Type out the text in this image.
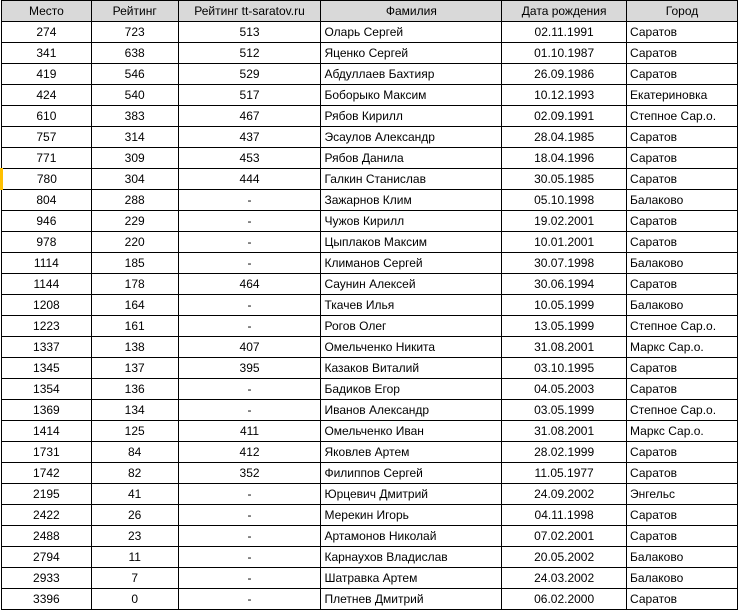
Место	Рейтинг	Рейтинг tt-saratov.ru	Фамилия	Дата рождения	Город
274	723	513	Оларь Сергей	02.11.1991	Саратов
341	638	512	Яценко Сергей	01.10.1987	Саратов
419	546	529	Абдуллаев Бахтияр	26.09.1986	Саратов
424	540	517	Боборыко Максим	10.12.1993	Екатериновка
610	383	467	Рябов Кирилл	02.09.1991	Степное Сар.о.
757	314	437	Эсаулов Александр	28.04.1985	Саратов
771	309	453	Рябов Данила	18.04.1996	Саратов
780	304	444	Галкин Станислав	30.05.1985	Саратов
804	288	-	Зажарнов Клим	05.10.1998	Балаково
946	229	-	Чужов Кирилл	19.02.2001	Саратов
978	220	-	Цыплаков Максим	10.01.2001	Саратов
1114	185	-	Климанов Сергей	30.07.1998	Балаково
1144	178	464	Саунин Алексей	30.06.1994	Саратов
1208	164	-	Ткачев Илья	10.05.1999	Балаково
1223	161	-	Рогов Олег	13.05.1999	Степное Сар.о.
1337	138	407	Омельченко Никита	31.08.2001	Маркс Сар.о.
1345	137	395	Казаков Виталий	03.10.1995	Саратов
1354	136	-	Бадиков Егор	04.05.2003	Саратов
1369	134	-	Иванов Александр	03.05.1999	Степное Сар.о.
1414	125	411	Омельченко Иван	31.08.2001	Маркс Сар.о.
1731	84	412	Яковлев Артем	28.02.1999	Саратов
1742	82	352	Филиппов Сергей	11.05.1977	Саратов
2195	41	-	Юрцевич Дмитрий	24.09.2002	Энгельс
2422	26	-	Мерекин Игорь	04.11.1998	Саратов
2488	23	-	Артамонов Николай	07.02.2001	Саратов
2794	11	-	Карнаухов Владислав	20.05.2002	Балаково
2933	7	-	Шатравка Артем	24.03.2002	Балаково
3396	0	-	Плетнев Дмитрий	06.02.2000	Саратов
